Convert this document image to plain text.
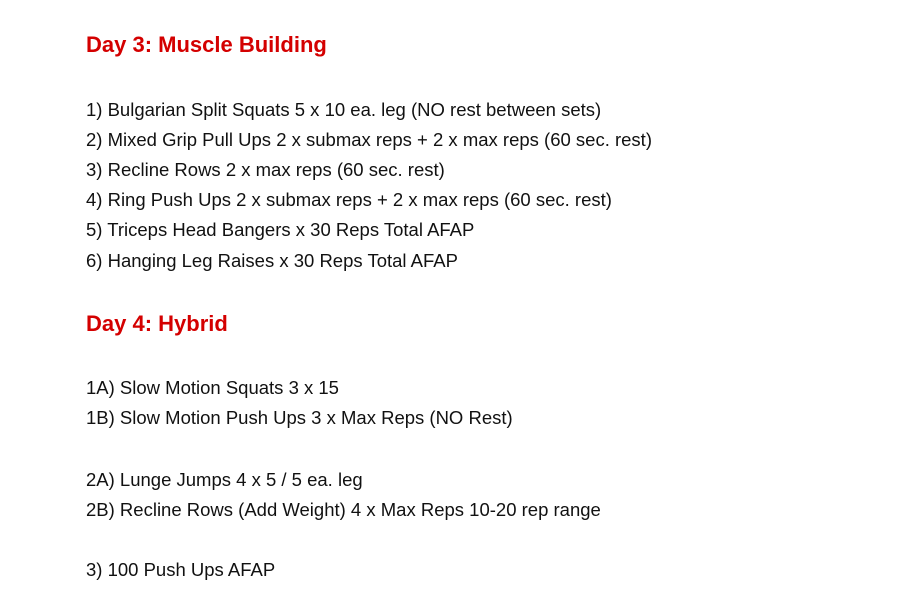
Day 3: Muscle Building

1) Bulgarian Split Squats 5 x 10 ea. leg (NO rest between sets)

2) Mixed Grip Pull Ups 2 x submax reps + 2 x max reps (60 sec. rest)

3) Recline Rows 2 x max reps (60 sec. rest)

4) Ring Push Ups 2 x submax reps + 2 x max reps (60 sec. rest)

5) Triceps Head Bangers x 30 Reps Total AFAP

6) Hanging Leg Raises x 30 Reps Total AFAP

Day 4: Hybrid

1A) Slow Motion Squats 3 x 15

1B) Slow Motion Push Ups 3 x Max Reps (NO Rest)

2A) Lunge Jumps 4 x 5 / 5 ea. leg

2B) Recline Rows (Add Weight) 4 x Max Reps 10-20 rep range

3) 100 Push Ups AFAP
